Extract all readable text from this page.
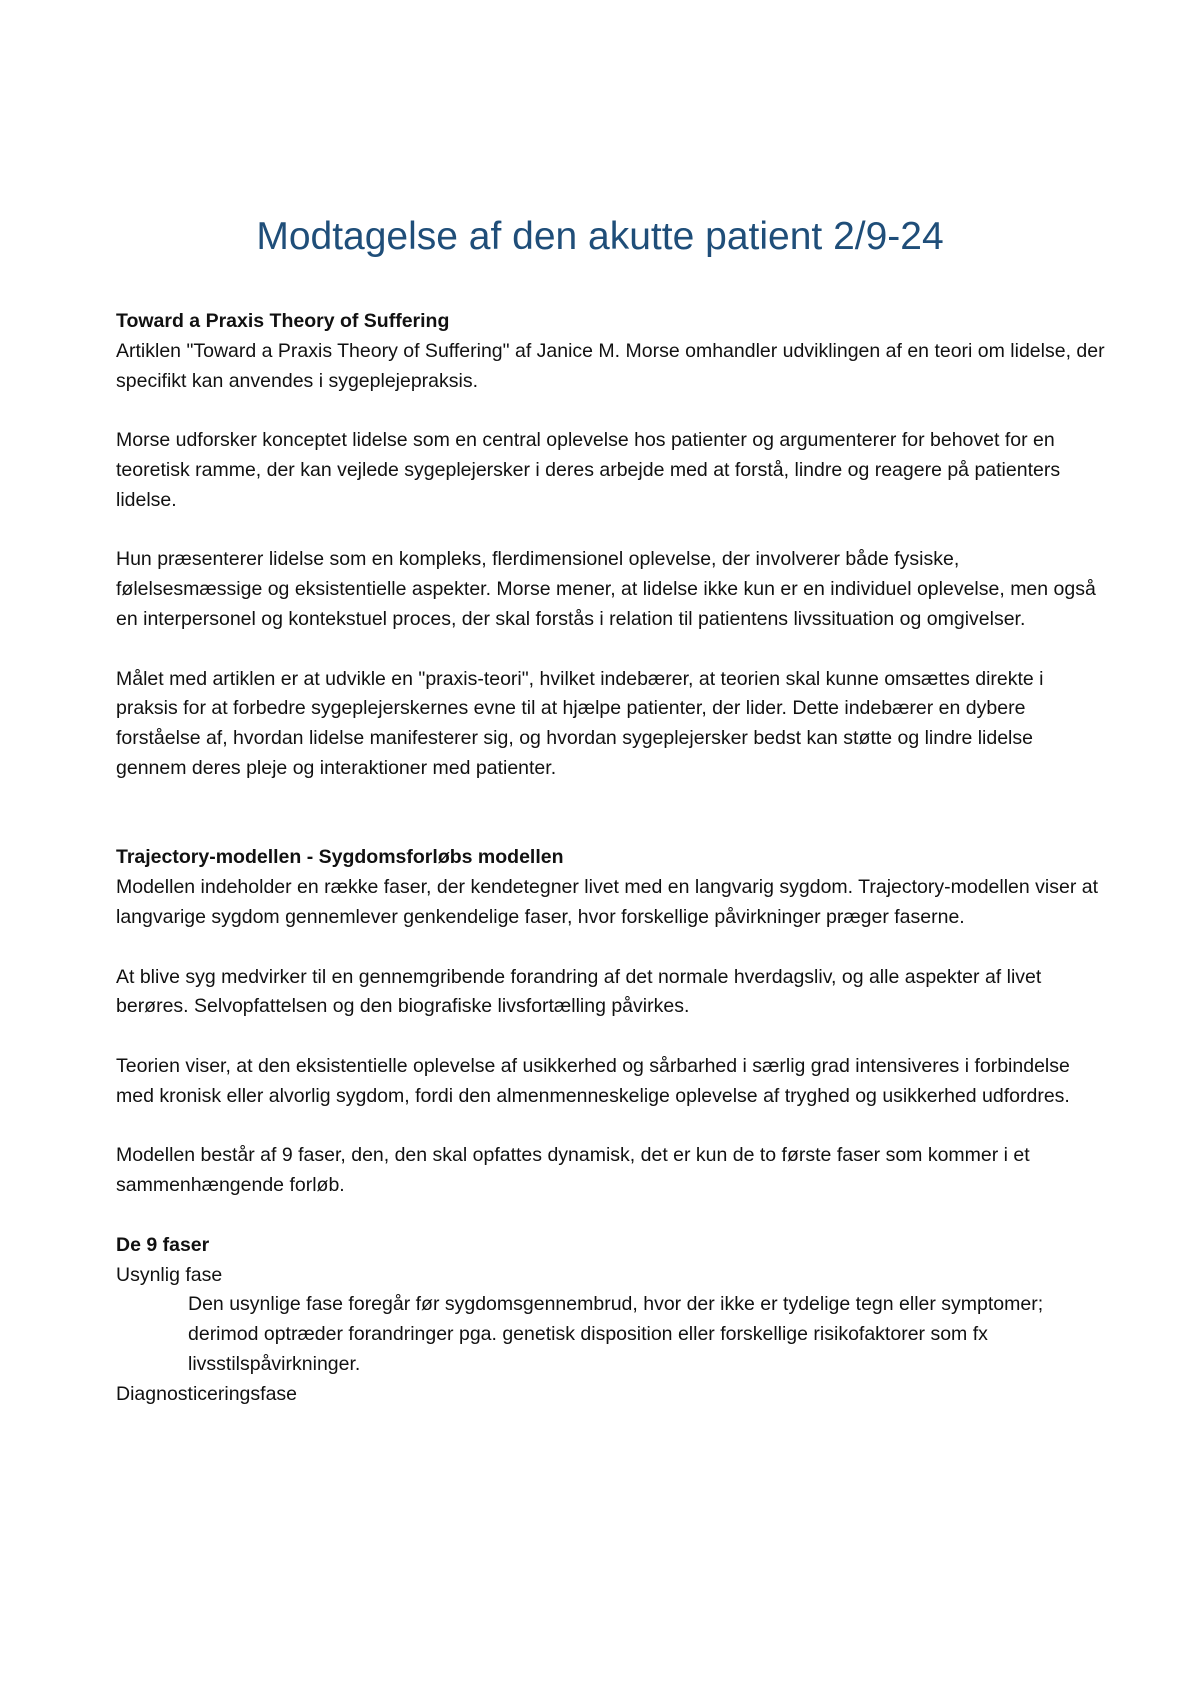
Modtagelse af den akutte patient 2/9-24

Toward a Praxis Theory of Suffering

Artiklen "Toward a Praxis Theory of Suffering" af Janice M. Morse omhandler udviklingen af en teori om lidelse, der specifikt kan anvendes i sygeplejepraksis.

Morse udforsker konceptet lidelse som en central oplevelse hos patienter og argumenterer for behovet for en teoretisk ramme, der kan vejlede sygeplejersker i deres arbejde med at forstå, lindre og reagere på patienters lidelse.

Hun præsenterer lidelse som en kompleks, flerdimensionel oplevelse, der involverer både fysiske, følelsesmæssige og eksistentielle aspekter. Morse mener, at lidelse ikke kun er en individuel oplevelse, men også en interpersonel og kontekstuel proces, der skal forstås i relation til patientens livssituation og omgivelser.

Målet med artiklen er at udvikle en "praxis-teori", hvilket indebærer, at teorien skal kunne omsættes direkte i praksis for at forbedre sygeplejerskernes evne til at hjælpe patienter, der lider. Dette indebærer en dybere forståelse af, hvordan lidelse manifesterer sig, og hvordan sygeplejersker bedst kan støtte og lindre lidelse gennem deres pleje og interaktioner med patienter.

Trajectory-modellen - Sygdomsforløbs modellen

Modellen indeholder en række faser, der kendetegner livet med en langvarig sygdom. Trajectory-modellen viser at langvarige sygdom gennemlever genkendelige faser, hvor forskellige påvirkninger præger faserne.

At blive syg medvirker til en gennemgribende forandring af det normale hverdagsliv, og alle aspekter af livet berøres. Selvopfattelsen og den biografiske livsfortælling påvirkes.

Teorien viser, at den eksistentielle oplevelse af usikkerhed og sårbarhed i særlig grad intensiveres i forbindelse med kronisk eller alvorlig sygdom, fordi den almenmenneskelige oplevelse af tryghed og usikkerhed udfordres.

Modellen består af 9 faser, den, den skal opfattes dynamisk, det er kun de to første faser som kommer i et sammenhængende forløb.

De 9 faser

Usynlig fase

Den usynlige fase foregår før sygdomsgennembrud, hvor der ikke er tydelige tegn eller symptomer; derimod optræder forandringer pga. genetisk disposition eller forskellige risikofaktorer som fx livsstilspåvirkninger.

Diagnosticeringsfase
